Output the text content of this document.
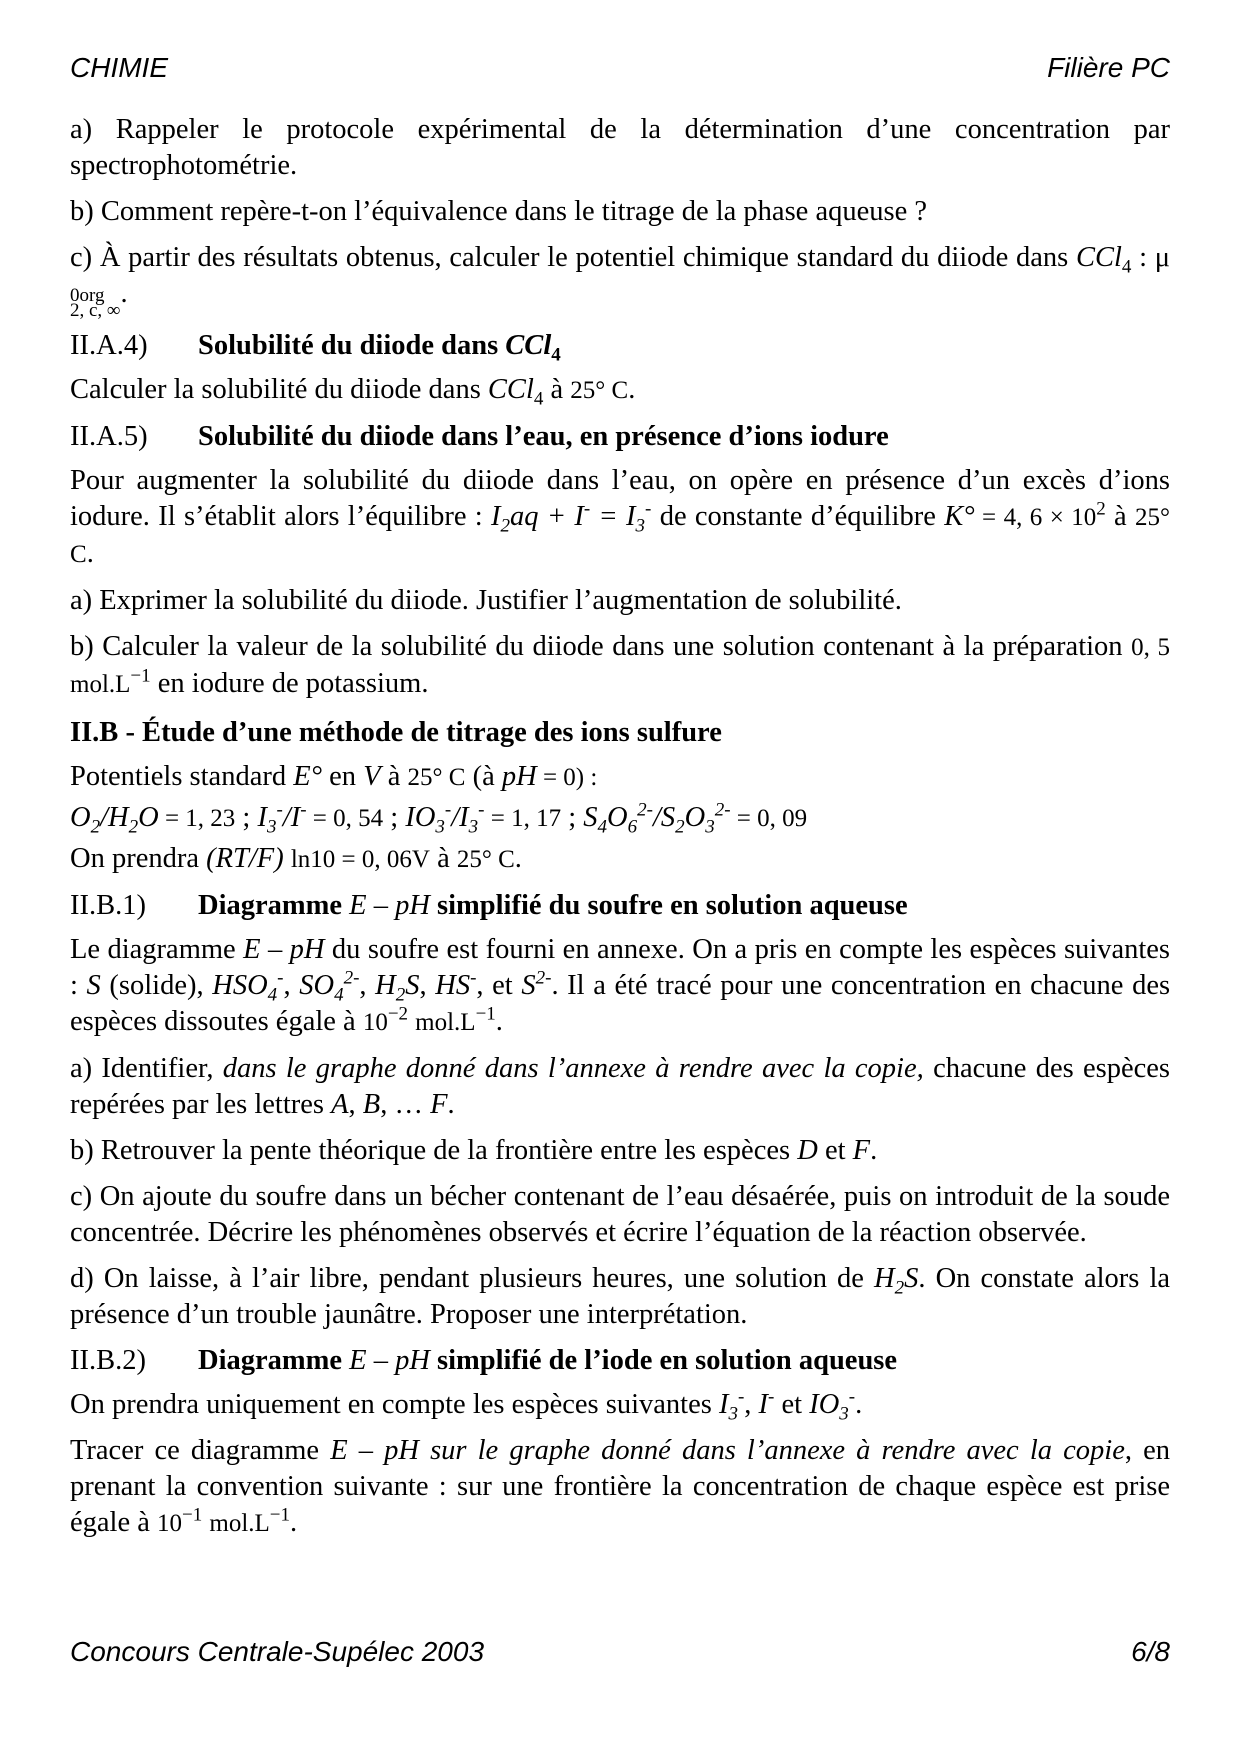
CHIMIE	Filière PC

a) Rappeler le protocole expérimental de la détermination d’une concentration par spectrophotométrie.

b) Comment repère-t-on l’équivalence dans le titrage de la phase aqueuse ?

c) À partir des résultats obtenus, calculer le potentiel chimique standard du diiode dans CCl$_4$ : μ
0org
2, c, ∞
.

II.A.4) Solubilité du diiode dans CCl$_4$

Calculer la solubilité du diiode dans CCl$_4$ à 25° C.

II.A.5) Solubilité du diiode dans l’eau, en présence d’ions iodure

Pour augmenter la solubilité du diiode dans l’eau, on opère en présence d’un excès d’ions iodure. Il s’établit alors l’équilibre : $I_2aq + I^- = I_3^-$ de constante d’équilibre K° = 4, $6 \times 10^2$ à 25° C.

a) Exprimer la solubilité du diiode. Justifier l’augmentation de solubilité.

b) Calculer la valeur de la solubilité du diiode dans une solution contenant à la préparation 0, 5 $mol.L^{-1}$ en iodure de potassium.

II.B - Étude d’une méthode de titrage des ions sulfure

Potentiels standard E° en V à 25° C (à pH = 0) :

$O_2/H_2O = 1$, 23 ; $I_3^-/I^- = 0$, 54 ; $IO_3^-/I_3^- = 1$, 17 ; $S_4O_6^{2-}/S_2O_3^{2-} = 0$, 09

On prendra (RT/F) ln10 = 0, 06V à 25° C.

II.B.1) Diagramme E – pH simplifié du soufre en solution aqueuse

Le diagramme E – pH du soufre est fourni en annexe. On a pris en compte les espèces suivantes : S (solide), $HSO_4^-$, $SO_4^{2-}$, $H_2S$, HS-, et $S^{2-}$. Il a été tracé pour une concentration en chacune des espèces dissoutes égale à $10^{-2}$ $mol.L^{-1}$.

a) Identifier, dans le graphe donné dans l’annexe à rendre avec la copie, chacune des espèces repérées par les lettres A, B, … F.

b) Retrouver la pente théorique de la frontière entre les espèces D et F.

c) On ajoute du soufre dans un bécher contenant de l’eau désaérée, puis on introduit de la soude concentrée. Décrire les phénomènes observés et écrire l’équation de la réaction observée.

d) On laisse, à l’air libre, pendant plusieurs heures, une solution de $H_2S$. On constate alors la présence d’un trouble jaunâtre. Proposer une interprétation.

II.B.2) Diagramme E – pH simplifié de l’iode en solution aqueuse

On prendra uniquement en compte les espèces suivantes $I_3^-$, I- et $IO_3^-$.

Tracer ce diagramme E – pH sur le graphe donné dans l’annexe à rendre avec la copie, en prenant la convention suivante : sur une frontière la concentration de chaque espèce est prise égale à $10^{-1}$ $mol.L^{-1}$.

Concours Centrale-Supélec 2003	6/8
